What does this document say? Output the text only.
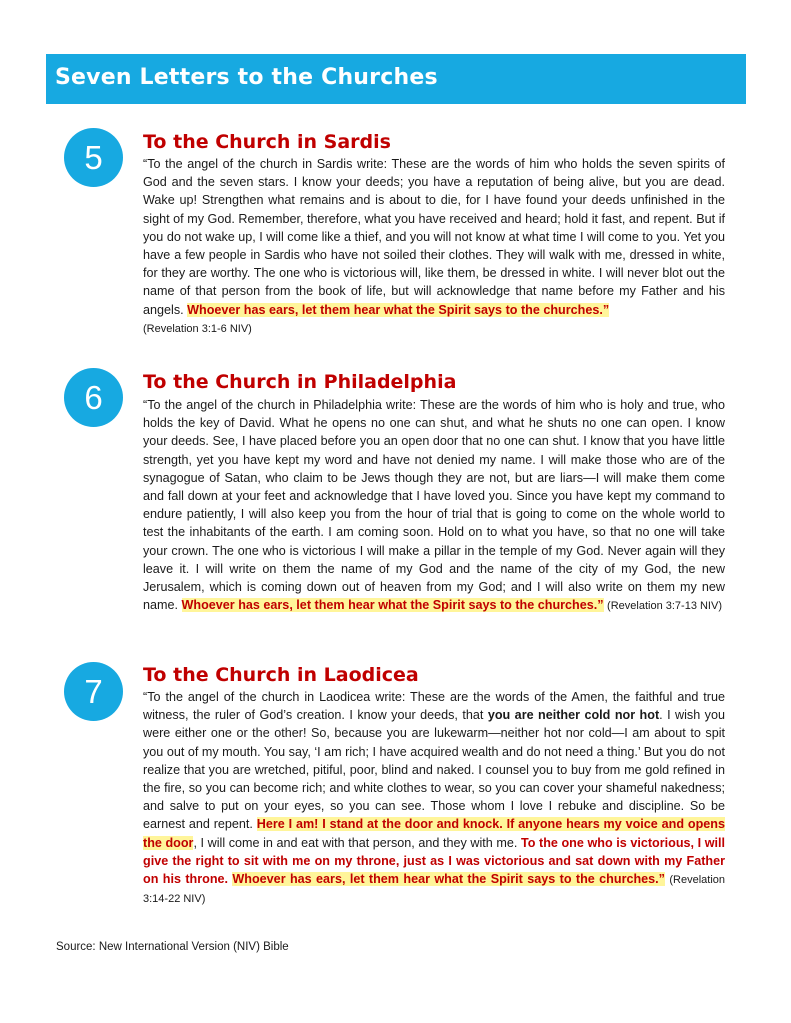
Seven Letters to the Churches
5	To the Church in Sardis

“To the angel of the church in Sardis write: These are the words of him who holds the seven spirits of God and the seven stars. I know your deeds; you have a reputation of being alive, but you are dead. Wake up! Strengthen what remains and is about to die, for I have found your deeds unfinished in the sight of my God. Remember, therefore, what you have received and heard; hold it fast, and repent. But if you do not wake up, I will come like a thief, and you will not know at what time I will come to you. Yet you have a few people in Sardis who have not soiled their clothes. They will walk with me, dressed in white, for they are worthy. The one who is victorious will, like them, be dressed in white. I will never blot out the name of that person from the book of life, but will acknowledge that name before my Father and his angels. Whoever has ears, let them hear what the Spirit says to the churches.”
(Revelation 3:1-6 NIV)

6	To the Church in Philadelphia

“To the angel of the church in Philadelphia write: These are the words of him who is holy and true, who holds the key of David. What he opens no one can shut, and what he shuts no one can open. I know your deeds. See, I have placed before you an open door that no one can shut. I know that you have little strength, yet you have kept my word and have not denied my name. I will make those who are of the synagogue of Satan, who claim to be Jews though they are not, but are liars—I will make them come and fall down at your feet and acknowledge that I have loved you. Since you have kept my command to endure patiently, I will also keep you from the hour of trial that is going to come on the whole world to test the inhabitants of the earth. I am coming soon. Hold on to what you have, so that no one will take your crown. The one who is victorious I will make a pillar in the temple of my God. Never again will they leave it. I will write on them the name of my God and the name of the city of my God, the new Jerusalem, which is coming down out of heaven from my God; and I will also write on them my new name. Whoever has ears, let them hear what the Spirit says to the churches.” (Revelation 3:7-13 NIV)

7	To the Church in Laodicea

“To the angel of the church in Laodicea write: These are the words of the Amen, the faithful and true witness, the ruler of God’s creation. I know your deeds, that you are neither cold nor hot. I wish you were either one or the other! So, because you are lukewarm—neither hot nor cold—I am about to spit you out of my mouth. You say, ‘I am rich; I have acquired wealth and do not need a thing.’ But you do not realize that you are wretched, pitiful, poor, blind and naked. I counsel you to buy from me gold refined in the fire, so you can become rich; and white clothes to wear, so you can cover your shameful nakedness; and salve to put on your eyes, so you can see. Those whom I love I rebuke and discipline. So be earnest and repent. Here I am! I stand at the door and knock. If anyone hears my voice and opens the door, I will come in and eat with that person, and they with me. To the one who is victorious, I will give the right to sit with me on my throne, just as I was victorious and sat down with my Father on his throne. Whoever has ears, let them hear what the Spirit says to the churches.” (Revelation 3:14-22 NIV)

Source: New International Version (NIV) Bible
